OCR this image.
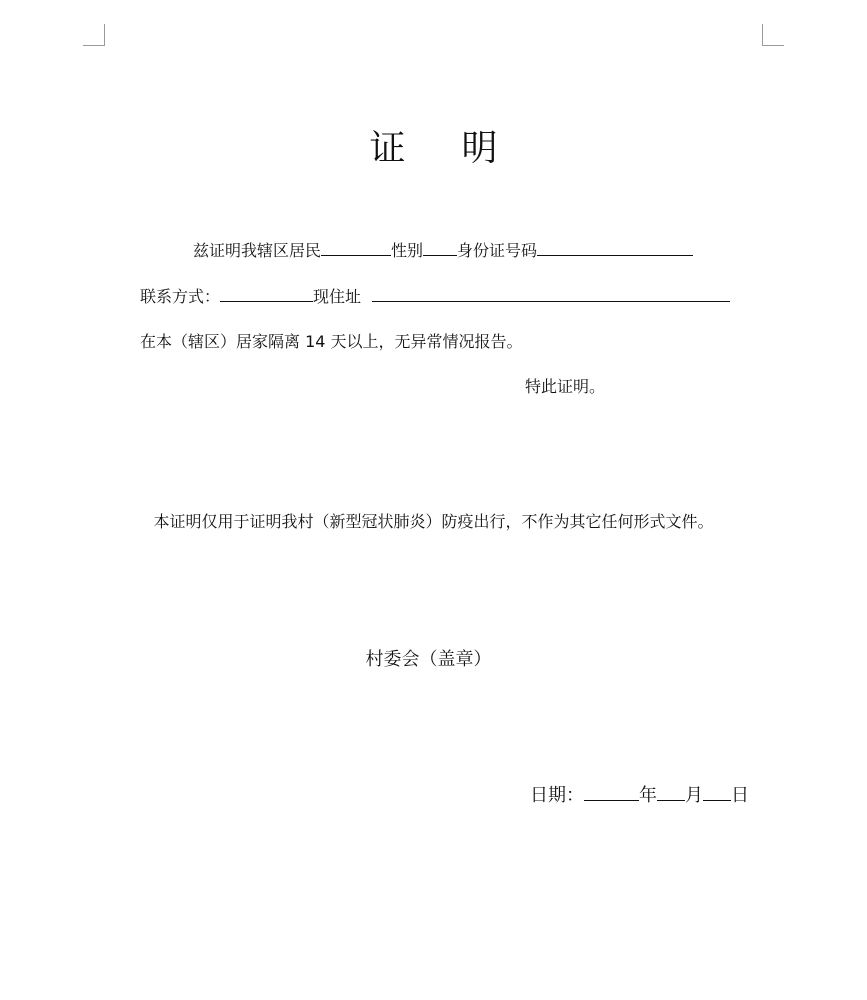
证 明
兹证明我辖区居民	性别 身份证号码
联系方式：	现住址
在本（辖区）居家隔离 14 天以上，无异常情况报告。
特此证明。
本证明仅用于证明我村（新型冠状肺炎）防疫出行，不作为其它任何形式文件。
村委会（盖章）
日期：	年 月 日
